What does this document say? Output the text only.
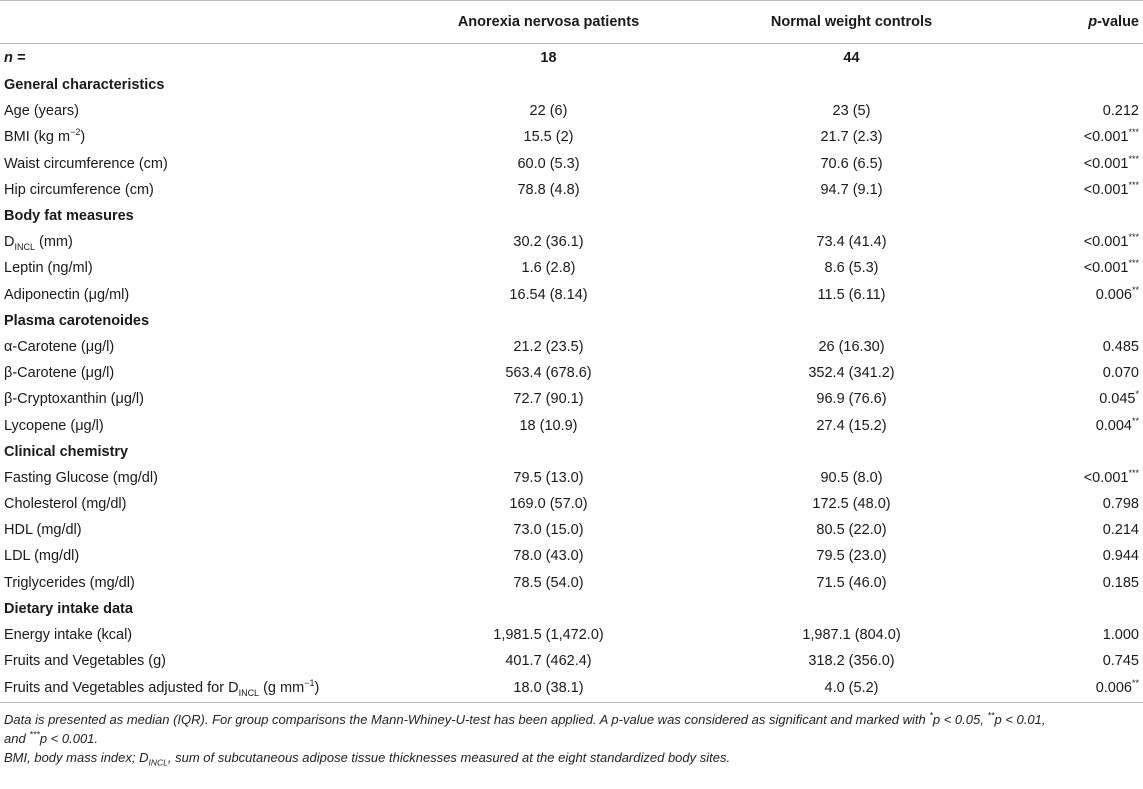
	Anorexia nervosa patients	Normal weight controls	p-value
n =	18	44	
General characteristics			
Age (years)	22 (6)	23 (5)	0.212
BMI (kg $m^{-2}$)	15.5 (2)	21.7 (2.3)	<0.001***
Waist circumference (cm)	60.0 (5.3)	70.6 (6.5)	<0.001***
Hip circumference (cm)	78.8 (4.8)	94.7 (9.1)	<0.001***
Body fat measures			
$D_{INCL}$ (mm)	30.2 (36.1)	73.4 (41.4)	<0.001***
Leptin (ng/ml)	1.6 (2.8)	8.6 (5.3)	<0.001***
Adiponectin (μg/ml)	16.54 (8.14)	11.5 (6.11)	0.006**
Plasma carotenoides			
α-Carotene (μg/l)	21.2 (23.5)	26 (16.30)	0.485
β-Carotene (μg/l)	563.4 (678.6)	352.4 (341.2)	0.070
β-Cryptoxanthin (μg/l)	72.7 (90.1)	96.9 (76.6)	0.045*
Lycopene (μg/l)	18 (10.9)	27.4 (15.2)	0.004**
Clinical chemistry			
Fasting Glucose (mg/dl)	79.5 (13.0)	90.5 (8.0)	<0.001***
Cholesterol (mg/dl)	169.0 (57.0)	172.5 (48.0)	0.798
HDL (mg/dl)	73.0 (15.0)	80.5 (22.0)	0.214
LDL (mg/dl)	78.0 (43.0)	79.5 (23.0)	0.944
Triglycerides (mg/dl)	78.5 (54.0)	71.5 (46.0)	0.185
Dietary intake data			
Energy intake (kcal)	1,981.5 (1,472.0)	1,987.1 (804.0)	1.000
Fruits and Vegetables (g)	401.7 (462.4)	318.2 (356.0)	0.745
Fruits and Vegetables adjusted for $D_{INCL}$ (g $mm^{-1}$)	18.0 (38.1)	4.0 (5.2)	0.006**
Data is presented as median (IQR). For group comparisons the Mann-Whiney-U-test has been applied. A p-value was considered as significant and marked with *p < 0.05, **p < 0.01,
and ***p < 0.001.
BMI, body mass index; $D_{INCL}$, sum of subcutaneous adipose tissue thicknesses measured at the eight standardized body sites.
